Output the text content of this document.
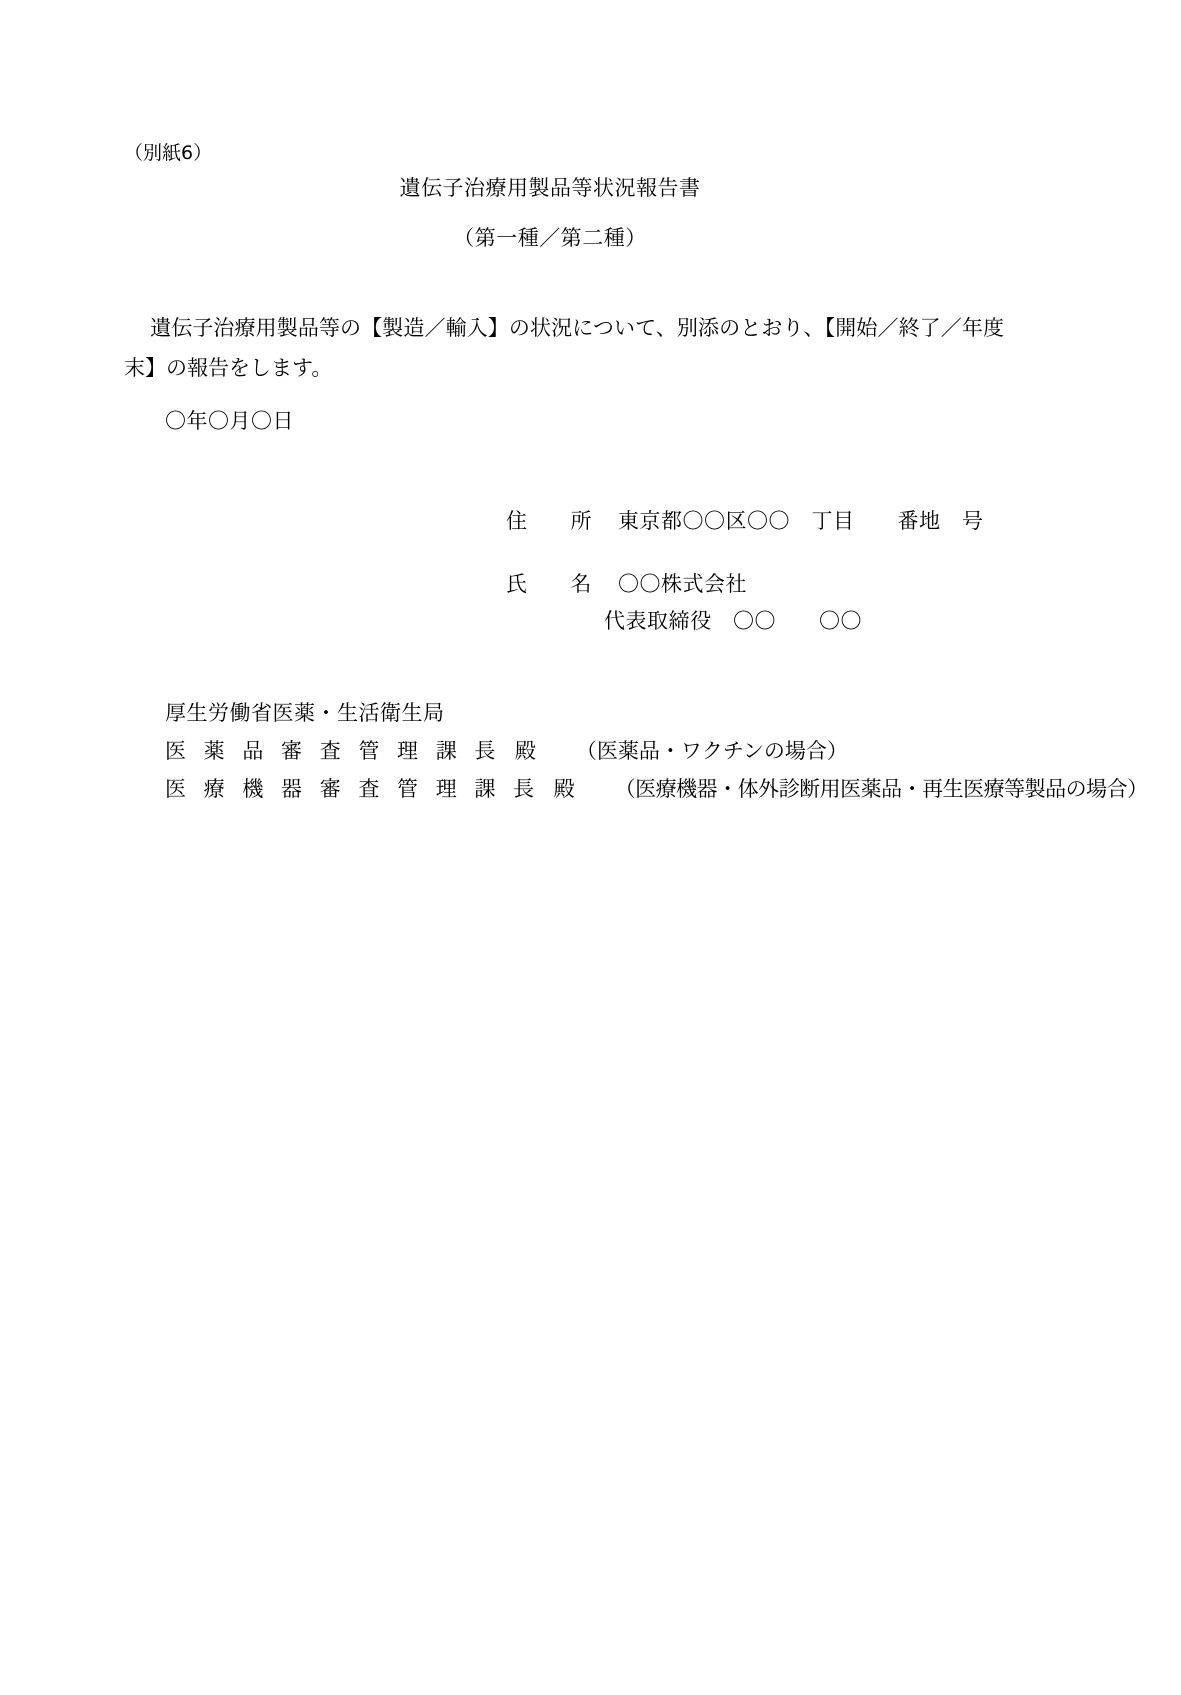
（別紙6）
遺伝子治療用製品等状況報告書
（第一種／第二種）
遺伝子治療用製品等の【製造／輸入】の状況について、別添のとおり、【開始／終了／年度末】の報告をします。
〇年〇月〇日
住　　所 東京都〇〇区〇〇　丁目　　番地　号
氏　　名 〇〇株式会社
代表取締役　〇〇　　〇〇
厚生労働省医薬・生活衛生局
医 薬 品 審 査 管 理 課 長 殿 （医薬品・ワクチンの場合）
医 療 機 器 審 査 管 理 課 長 殿 （医療機器・体外診断用医薬品・再生医療等製品の場合）
